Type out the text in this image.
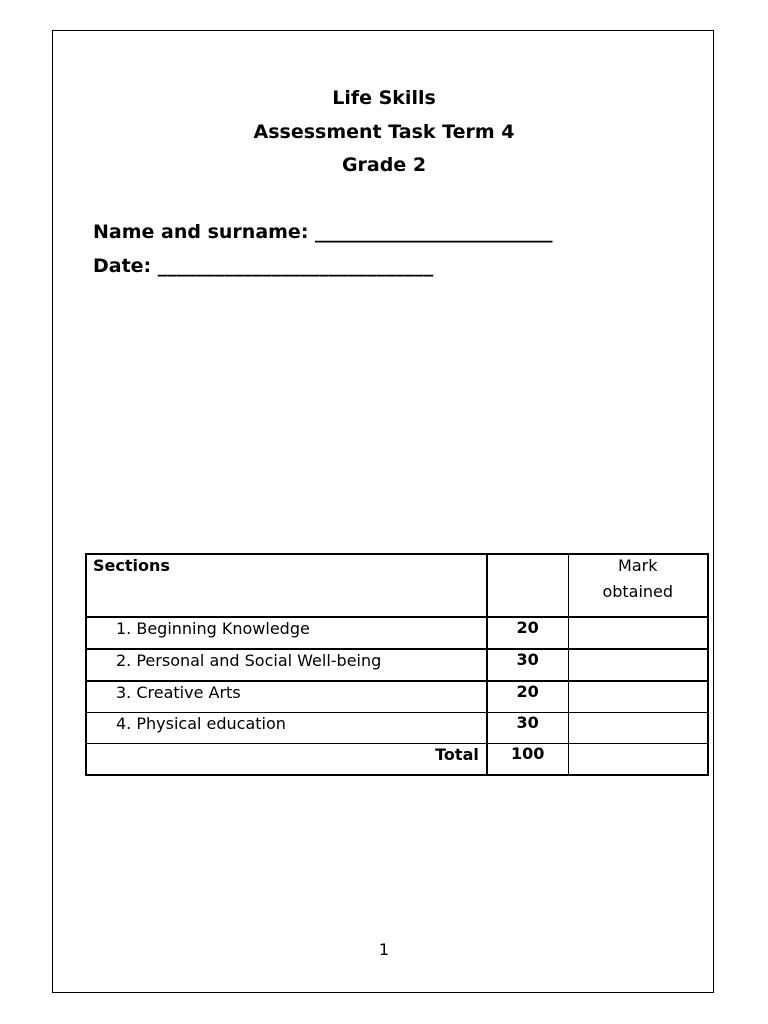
Life Skills
Assessment Task Term 4
Grade 2
Name and surname: _________________________
Date: _____________________________
Sections		Mark
obtained

1. Beginning Knowledge	20	

2. Personal and Social Well-being	30	

3. Creative Arts	20	

4. Physical education	30	

Total	100	
1
